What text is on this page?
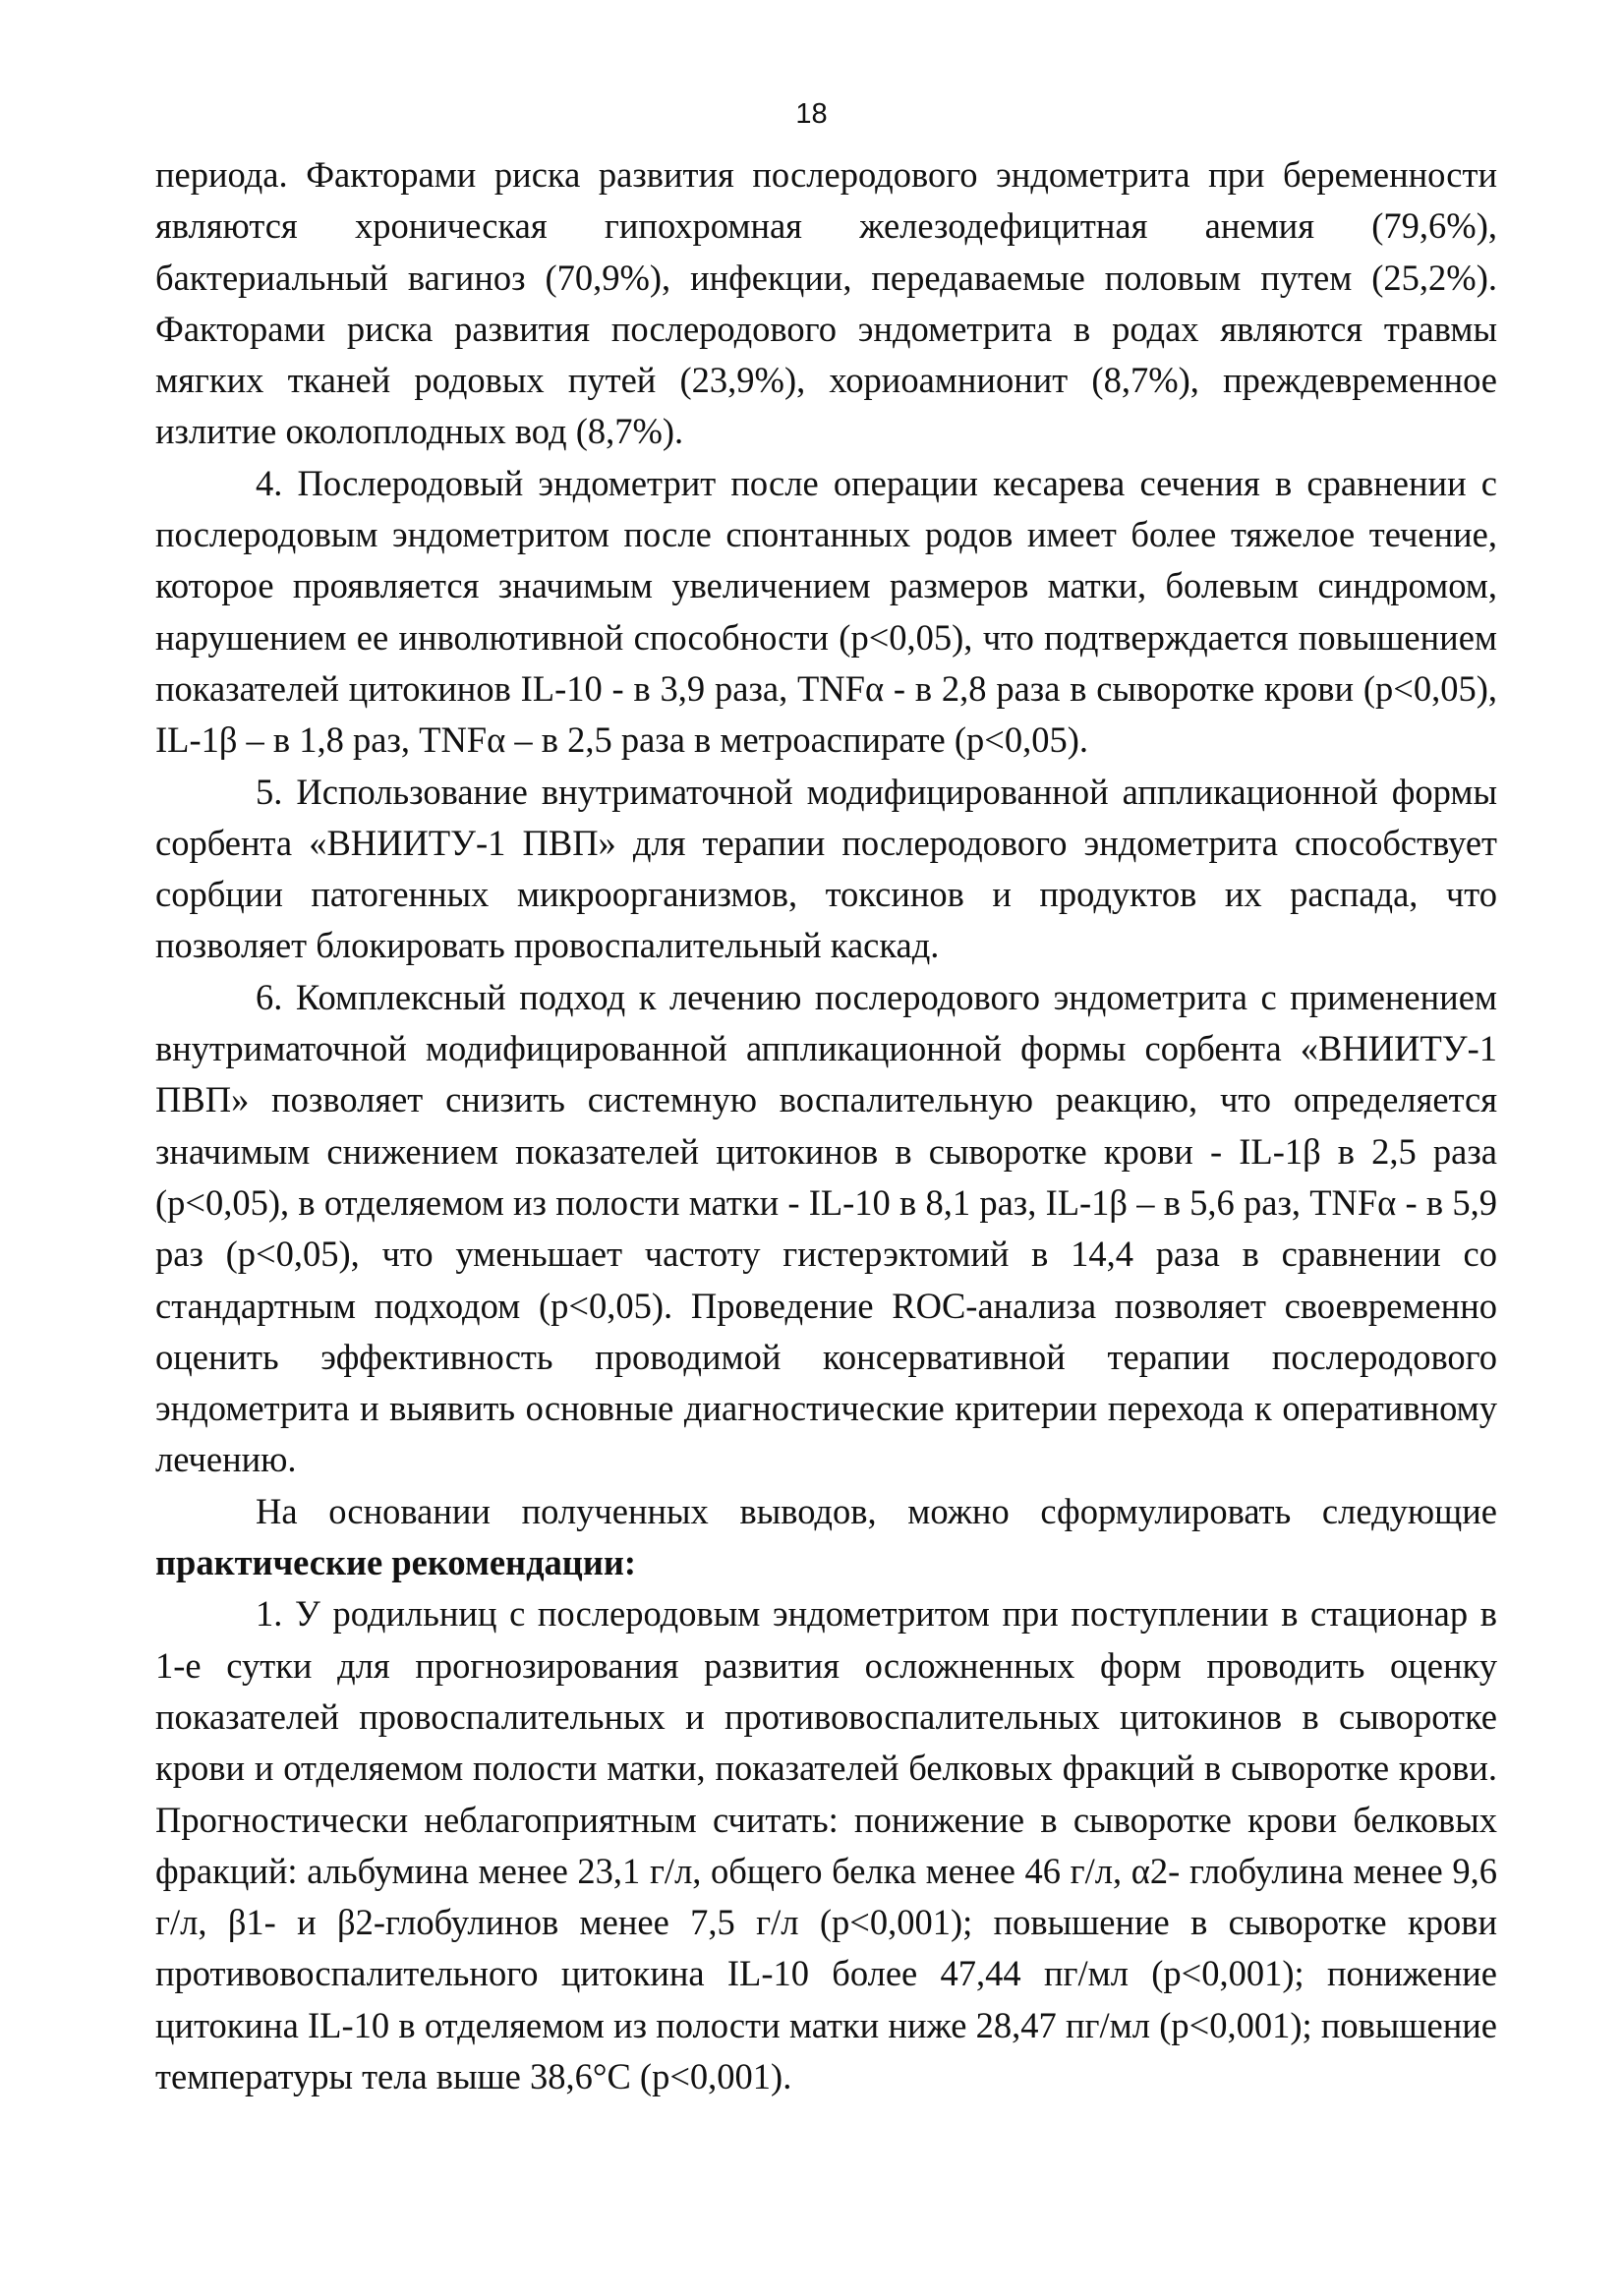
18

периода. Факторами риска развития послеродового эндометрита при беременности являются хроническая гипохромная железодефицитная анемия (79,6%), бактериальный вагиноз (70,9%), инфекции, передаваемые половым путем (25,2%). Факторами риска развития послеродового эндометрита в родах являются травмы мягких тканей родовых путей (23,9%), хориоамнионит (8,7%), преждевременное излитие околоплодных вод (8,7%).

4. Послеродовый эндометрит после операции кесарева сечения в сравнении с послеродовым эндометритом после спонтанных родов имеет более тяжелое течение, которое проявляется значимым увеличением размеров матки, болевым синдромом, нарушением ее инволютивной способности (p<0,05), что подтверждается повышением показателей цитокинов IL-10 - в 3,9 раза, TNFα - в 2,8 раза в сыворотке крови (p<0,05), IL-1β – в 1,8 раз, TNFα – в 2,5 раза в метроаспирате (p<0,05).

5. Использование внутриматочной модифицированной аппликационной формы сорбента «ВНИИТУ-1 ПВП» для терапии послеродового эндометрита способствует сорбции патогенных микроорганизмов, токсинов и продуктов их распада, что позволяет блокировать провоспалительный каскад.

6. Комплексный подход к лечению послеродового эндометрита с применением внутриматочной модифицированной аппликационной формы сорбента «ВНИИТУ-1 ПВП» позволяет снизить системную воспалительную реакцию, что определяется значимым снижением показателей цитокинов в сыворотке крови - IL-1β в 2,5 раза (p<0,05), в отделяемом из полости матки - IL-10 в 8,1 раз, IL-1β – в 5,6 раз, TNFα - в 5,9 раз (p<0,05), что уменьшает частоту гистерэктомий в 14,4 раза в сравнении со стандартным подходом (p<0,05). Проведение ROC-анализа позволяет своевременно оценить эффективность проводимой консервативной терапии послеродового эндометрита и выявить основные диагностические критерии перехода к оперативному лечению.

На основании полученных выводов, можно сформулировать следующие практические рекомендации:

1. У родильниц с послеродовым эндометритом при поступлении в стационар в 1-е сутки для прогнозирования развития осложненных форм проводить оценку показателей провоспалительных и противовоспалительных цитокинов в сыворотке крови и отделяемом полости матки, показателей белковых фракций в сыворотке крови. Прогностически неблагоприятным считать: понижение в сыворотке крови белковых фракций: альбумина менее 23,1 г/л, общего белка менее 46 г/л, α2- глобулина менее 9,6 г/л, β1- и β2-глобулинов менее 7,5 г/л (p<0,001); повышение в сыворотке крови противовоспалительного цитокина IL-10 более 47,44 пг/мл (p<0,001); понижение цитокина IL-10 в отделяемом из полости матки ниже 28,47 пг/мл (p<0,001); повышение температуры тела выше 38,6°С (p<0,001).
